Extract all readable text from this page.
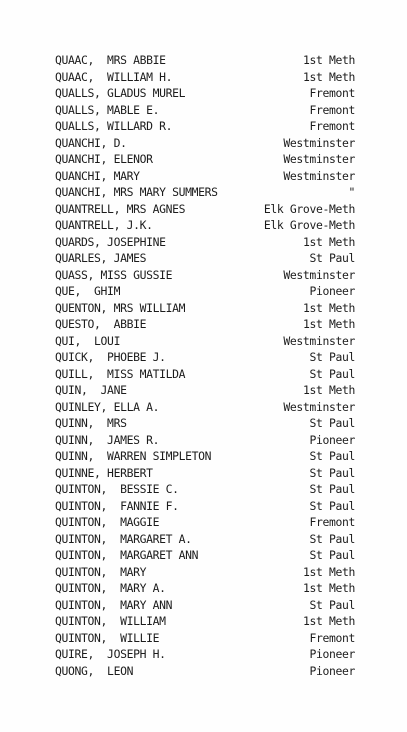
QUAAC,  MRS ABBIE	1st Meth
QUAAC,  WILLIAM H.	1st Meth
QUALLS, GLADUS MUREL	Fremont
QUALLS, MABLE E.	Fremont
QUALLS, WILLARD R.	Fremont
QUANCHI, D.	Westminster
QUANCHI, ELENOR	Westminster
QUANCHI, MARY	Westminster
QUANCHI, MRS MARY SUMMERS	"
QUANTRELL, MRS AGNES	Elk Grove-Meth
QUANTRELL, J.K.	Elk Grove-Meth
QUARDS, JOSEPHINE	1st Meth
QUARLES, JAMES	St Paul
QUASS, MISS GUSSIE	Westminster
QUE,  GHIM	Pioneer
QUENTON, MRS WILLIAM	1st Meth
QUESTO,  ABBIE	1st Meth
QUI,  LOUI	Westminster
QUICK,  PHOEBE J.	St Paul
QUILL,  MISS MATILDA	St Paul
QUIN,  JANE	1st Meth
QUINLEY, ELLA A.	Westminster
QUINN,  MRS	St Paul
QUINN,  JAMES R.	Pioneer
QUINN,  WARREN SIMPLETON	St Paul
QUINNE, HERBERT	St Paul
QUINTON,  BESSIE C.	St Paul
QUINTON,  FANNIE F.	St Paul
QUINTON,  MAGGIE	Fremont
QUINTON,  MARGARET A.	St Paul
QUINTON,  MARGARET ANN	St Paul
QUINTON,  MARY	1st Meth
QUINTON,  MARY A.	1st Meth
QUINTON,  MARY ANN	St Paul
QUINTON,  WILLIAM	1st Meth
QUINTON,  WILLIE	Fremont
QUIRE,  JOSEPH H.	Pioneer
QUONG,  LEON	Pioneer
